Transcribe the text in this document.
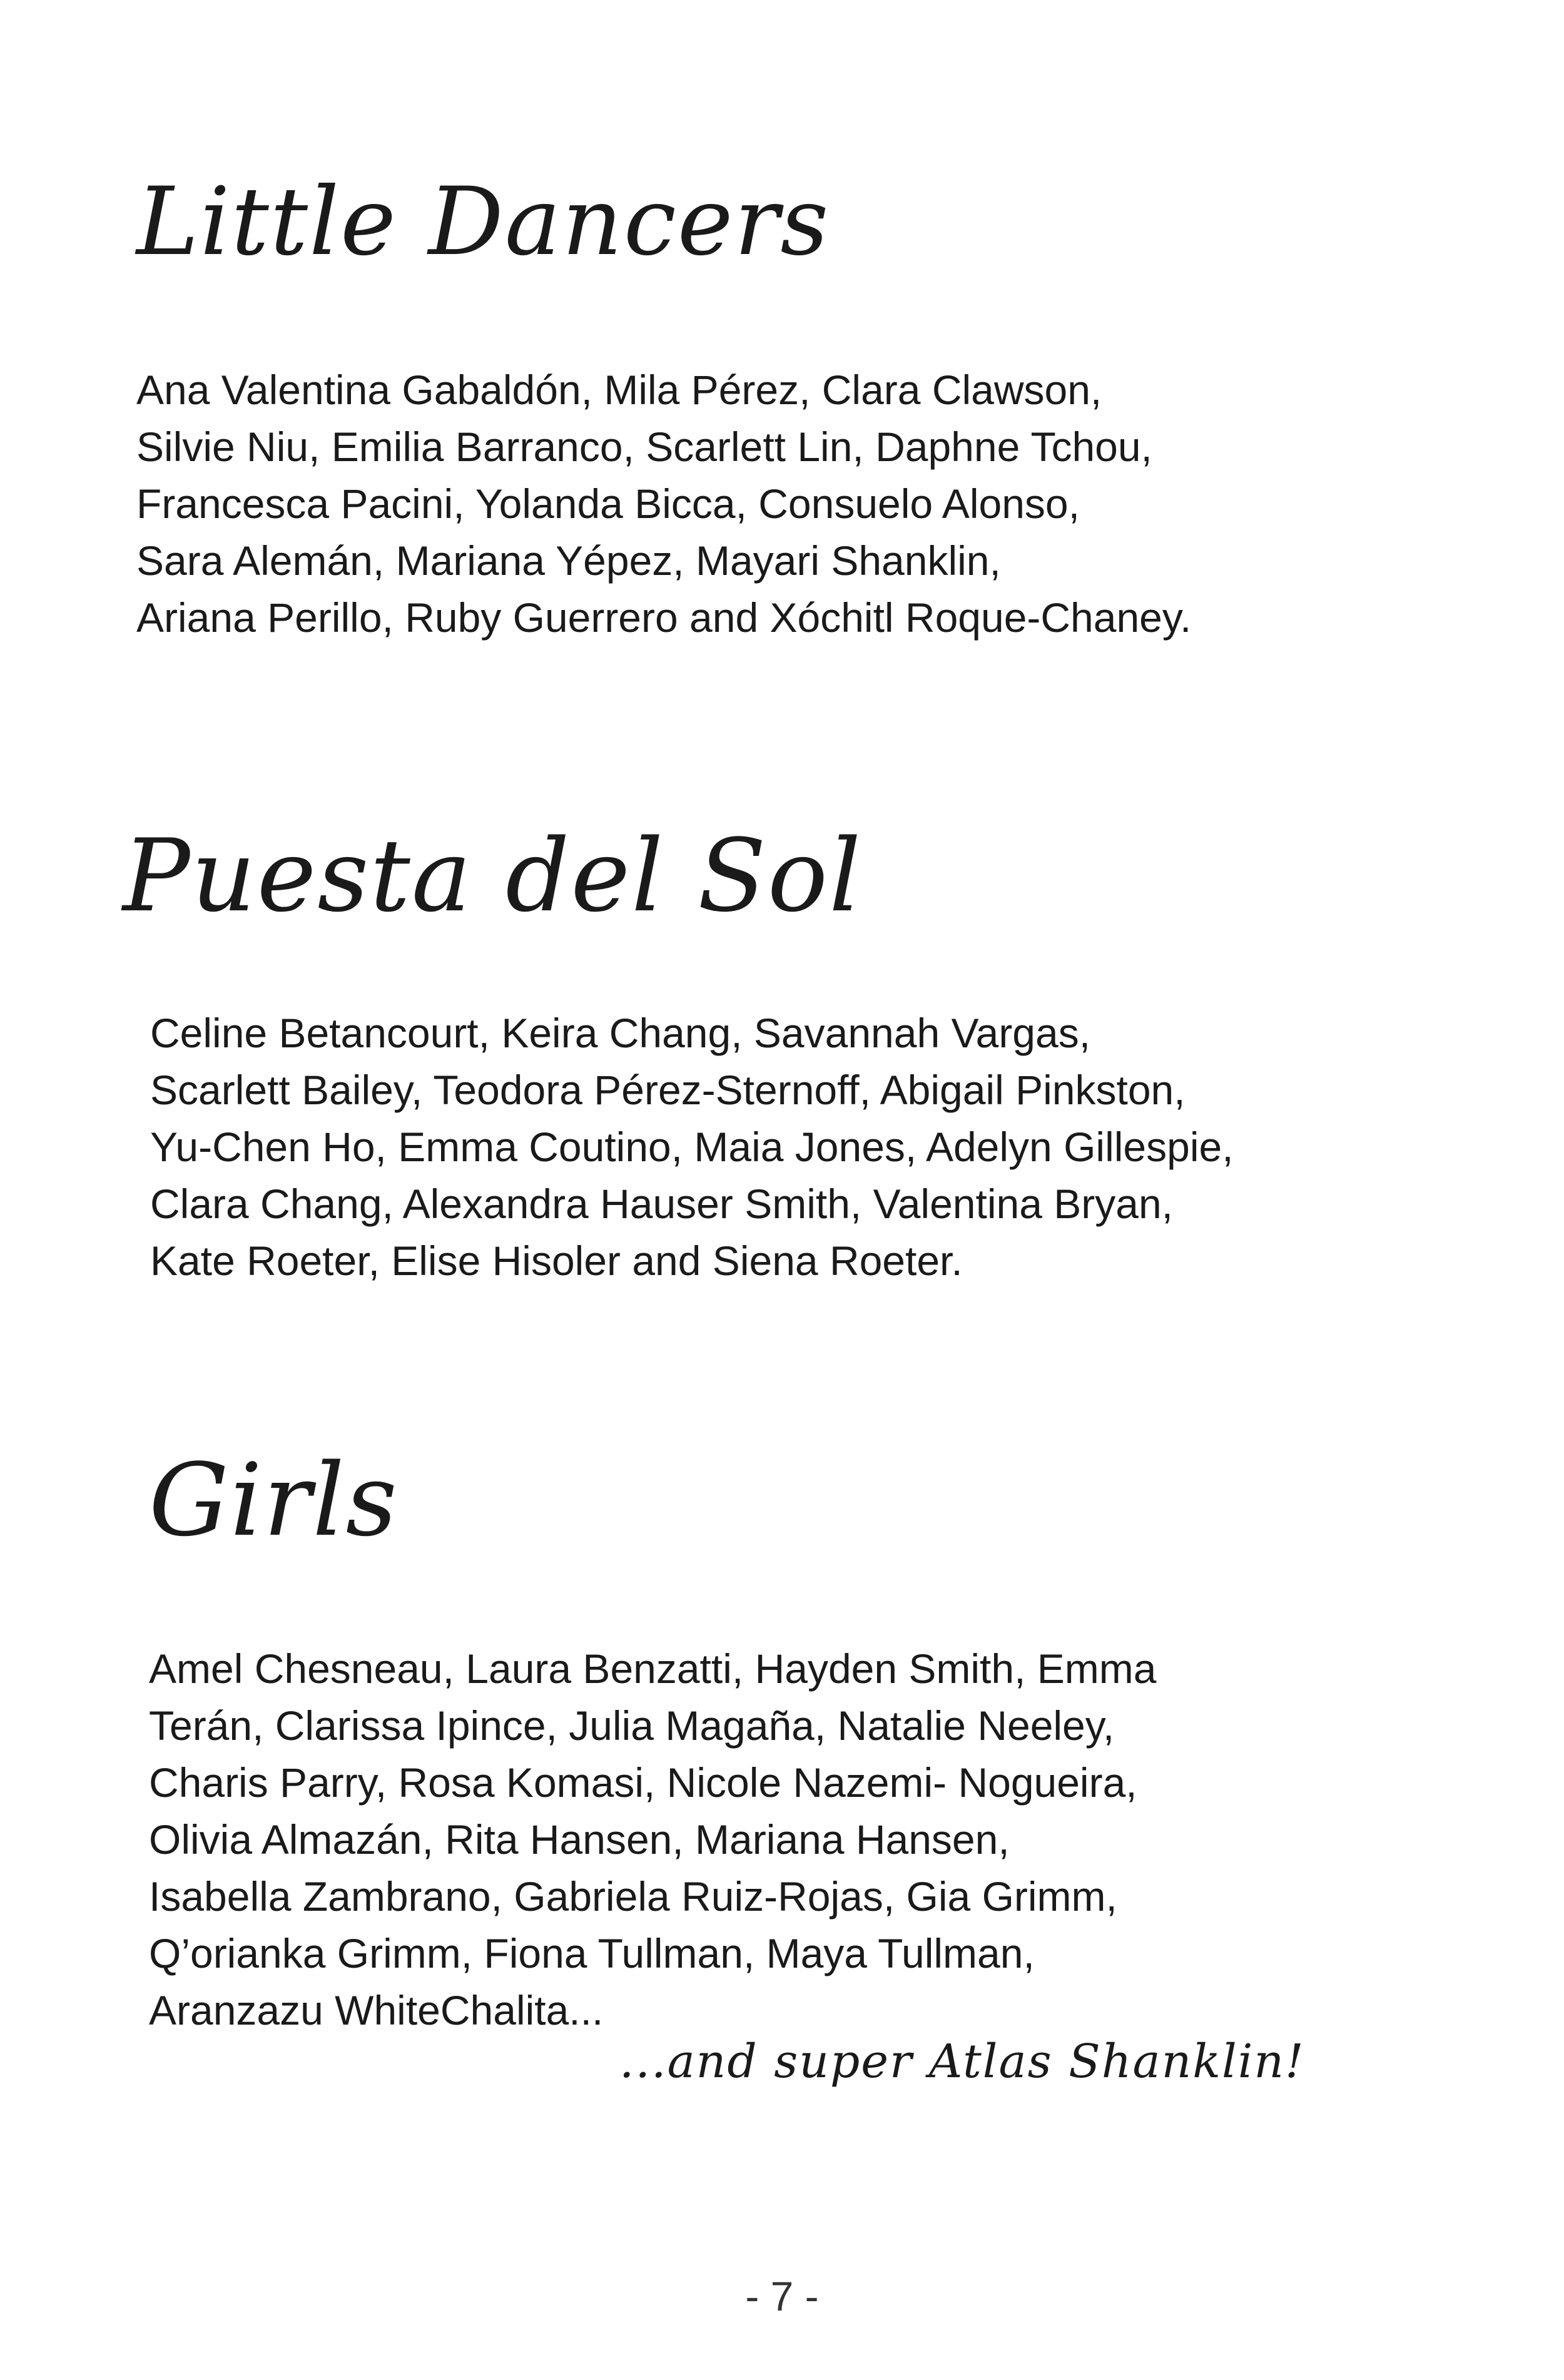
Little Dancers

Ana Valentina Gabaldón, Mila Pérez, Clara Clawson,
Silvie Niu, Emilia Barranco, Scarlett Lin, Daphne Tchou,
Francesca Pacini, Yolanda Bicca, Consuelo Alonso,
Sara Alemán, Mariana Yépez, Mayari Shanklin,
Ariana Perillo, Ruby Guerrero and Xóchitl Roque-Chaney.

Puesta del Sol

Celine Betancourt, Keira Chang, Savannah Vargas,
Scarlett Bailey, Teodora Pérez-Sternoff, Abigail Pinkston,
Yu-Chen Ho, Emma Coutino, Maia Jones, Adelyn Gillespie,
Clara Chang, Alexandra Hauser Smith, Valentina Bryan,
Kate Roeter, Elise Hisoler and Siena Roeter.

Girls

Amel Chesneau, Laura Benzatti, Hayden Smith, Emma
Terán, Clarissa Ipince, Julia Magaña, Natalie Neeley,
Charis Parry, Rosa Komasi, Nicole Nazemi- Nogueira,
Olivia Almazán, Rita Hansen, Mariana Hansen,
Isabella Zambrano, Gabriela Ruiz-Rojas, Gia Grimm,
Q’orianka Grimm, Fiona Tullman, Maya Tullman,
Aranzazu WhiteChalita...

...and super Atlas Shanklin!
- 7 -
